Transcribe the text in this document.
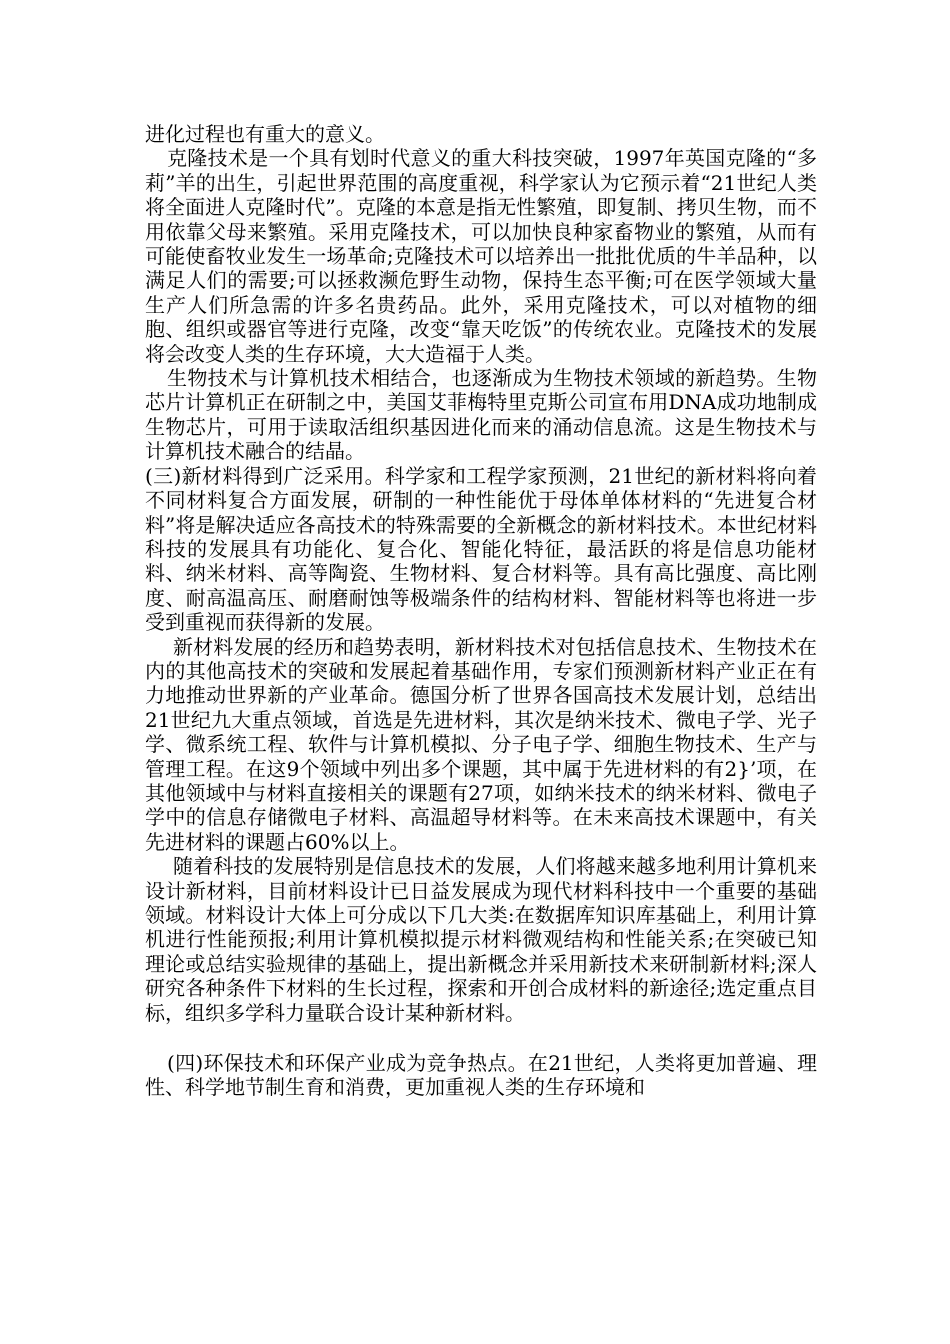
进化过程也有重大的意义。

克隆技术是一个具有划时代意义的重大科技突破，1997年英国克隆的“多莉”羊的出生，引起世界范围的高度重视，科学家认为它预示着“21世纪人类将全面进人克隆时代”。克隆的本意是指无性繁殖，即复制、拷贝生物，而不用依靠父母来繁殖。采用克隆技术，可以加快良种家畜物业的繁殖，从而有可能使畜牧业发生一场革命;克隆技术可以培养出一批批优质的牛羊品种，以满足人们的需要;可以拯救濒危野生动物，保持生态平衡;可在医学领域大量生产人们所急需的许多名贵药品。此外，采用克隆技术，可以对植物的细胞、组织或器官等进行克隆，改变“靠天吃饭”的传统农业。克隆技术的发展将会改变人类的生存环境，大大造福于人类。

生物技术与计算机技术相结合，也逐渐成为生物技术领域的新趋势。生物芯片计算机正在研制之中，美国艾菲梅特里克斯公司宣布用DNA成功地制成生物芯片，可用于读取活组织基因进化而来的涌动信息流。这是生物技术与计算机技术融合的结晶。

(三)新材料得到广泛采用。科学家和工程学家预测，21世纪的新材料将向着不同材料复合方面发展，研制的一种性能优于母体单体材料的“先进复合材料”将是解决适应各高技术的特殊需要的全新概念的新材料技术。本世纪材料科技的发展具有功能化、复合化、智能化特征，最活跃的将是信息功能材料、纳米材料、高等陶瓷、生物材料、复合材料等。具有高比强度、高比刚度、耐高温高压、耐磨耐蚀等极端条件的结构材料、智能材料等也将进一步受到重视而获得新的发展。

新材料发展的经历和趋势表明，新材料技术对包括信息技术、生物技术在内的其他高技术的突破和发展起着基础作用，专家们预测新材料产业正在有力地推动世界新的产业革命。德国分析了世界各国高技术发展计划，总结出21世纪九大重点领域，首选是先进材料，其次是纳米技术、微电子学、光子学、微系统工程、软件与计算机模拟、分子电子学、细胞生物技术、生产与管理工程。在这9个领域中列出多个课题，其中属于先进材料的有2}’项，在其他领域中与材料直接相关的课题有27项，如纳米技术的纳米材料、微电子学中的信息存储微电子材料、高温超导材料等。在未来高技术课题中，有关先进材料的课题占60%以上。

随着科技的发展特别是信息技术的发展，人们将越来越多地利用计算机来设计新材料，目前材料设计已日益发展成为现代材料科技中一个重要的基础领域。材料设计大体上可分成以下几大类:在数据库知识库基础上，利用计算机进行性能预报;利用计算机模拟提示材料微观结构和性能关系;在突破已知理论或总结实验规律的基础上，提出新概念并采用新技术来研制新材料;深人研究各种条件下材料的生长过程，探索和开创合成材料的新途径;选定重点目标，组织多学科力量联合设计某种新材料。

(四)环保技术和环保产业成为竞争热点。在21世纪，人类将更加普遍、理性、科学地节制生育和消费，更加重视人类的生存环境和
